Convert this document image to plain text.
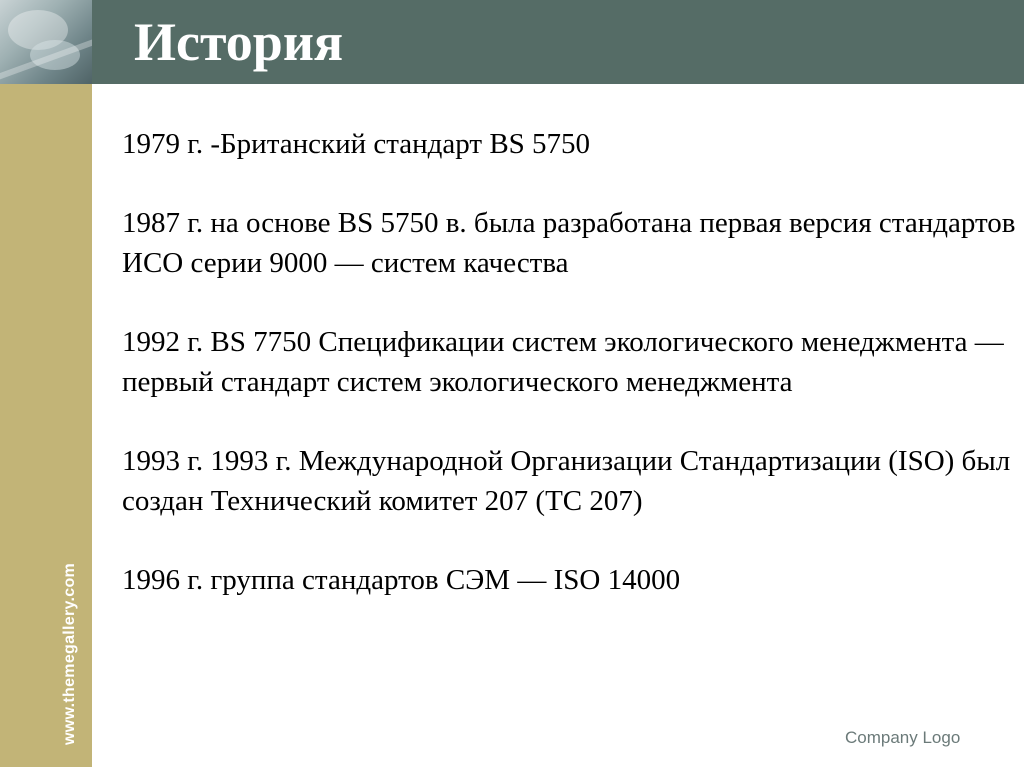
История
www.themegallery.com

1979 г. -Британский стандарт BS 5750

1987 г. на основе BS 5750 в. была разработана первая версия стандартов ИСО серии 9000 — систем качества

1992 г. BS 7750 Спецификации систем экологического менеджмента — первый стандарт систем экологического менеджмента

1993 г. 1993 г. Международной Организации Стандартизации (ISO) был создан Технический комитет 207 (TC 207)

1996 г. группа стандартов СЭМ — ISO 14000

Company Logo
